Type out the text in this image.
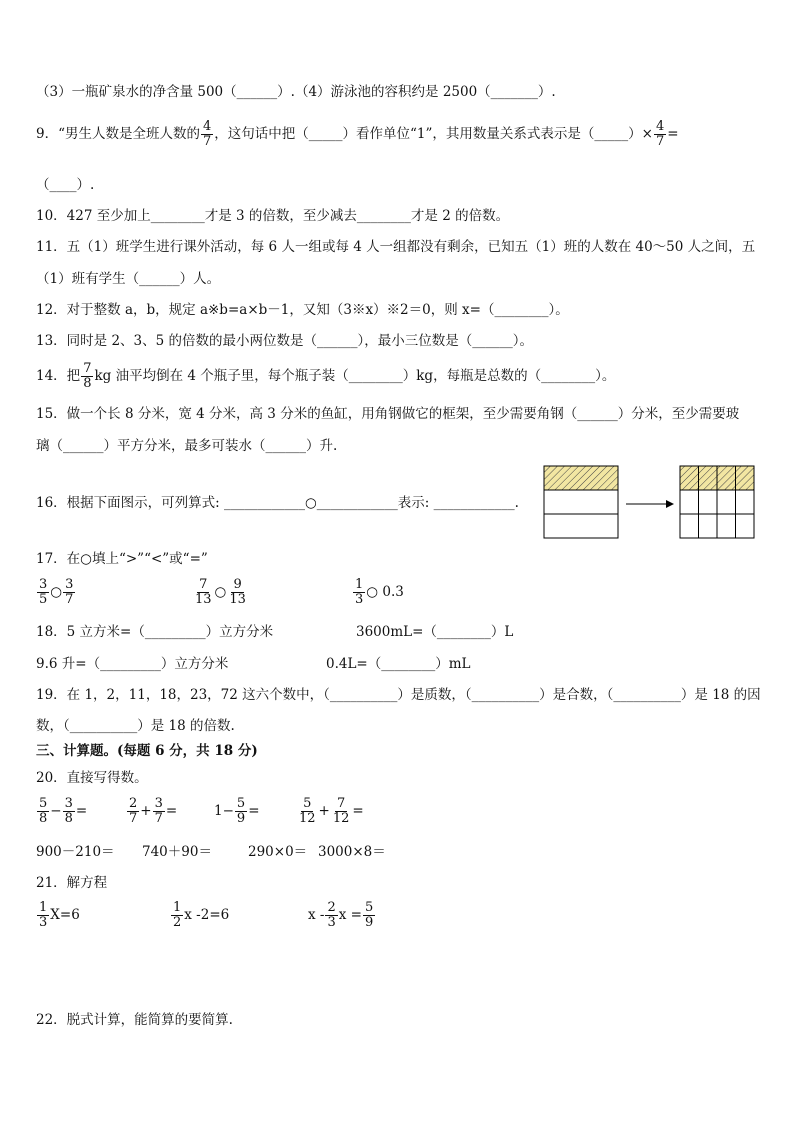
（3）一瓶矿泉水的净含量 500（______）.（4）游泳池的容积约是 2500（_______）.
9．“男生人数是全班人数的 $\frac{4}{7}$ ，这句话中把（_____）看作单位“1”，其用数量关系式表示是（_____）× $\frac{4}{7}$ =
（____）.
10．427 至少加上________才是 3 的倍数，至少减去________才是 2 的倍数。
11．五（1）班学生进行课外活动，每 6 人一组或每 4 人一组都没有剩余，已知五（1）班的人数在 40～50 人之间，五
（1）班有学生（______）人。
12．对于整数 a，b，规定 a※b=a×b－1，又知（3※x）※2＝0，则 x=（________）。
13．同时是 2、3、5 的倍数的最小两位数是（______），最小三位数是（______）。
14．把 $\frac{7}{8}$ kg 油平均倒在 4 个瓶子里，每个瓶子装（________）kg，每瓶是总数的（________）。
15．做一个长 8 分米，宽 4 分米，高 3 分米的鱼缸，用角钢做它的框架，至少需要角钢（______）分米，至少需要玻
璃（______）平方分米，最多可装水（______）升.
16．根据下面图示，可列算式: ____________○____________表示: ____________.
17．在○填上“>”“<”或“=”
$\frac{3}{5}$ ○ $\frac{3}{7}$	$\frac{7}{13}$ ○ $\frac{9}{13}$	$\frac{1}{3}$ ○ 0.3
18．5 立方米=（_________）立方分米	3600mL=（________）L
9.6 升=（_________）立方分米	0.4L=（________）mL
19．在 1，2，11，18，23，72 这六个数中，（__________）是质数，（__________）是合数，（__________）是 18 的因
数，（__________）是 18 的倍数.
三、计算题。(每题 6 分，共 18 分)
20．直接写得数。
$\frac{5}{8} - \frac{3}{8}$ =	$\frac{2}{7} + \frac{3}{7}$ =	$1- \frac{5}{9}$ =	$\frac{5}{12} + \frac{7}{12}$ =
900－210＝ 740＋90＝	290×0＝ 3000×8＝
21．解方程
$\frac{1}{3} X=6$	$\frac{1}{2}$ x -2=6	x - $\frac{2}{3}$ $x = \frac{5}{9}$
22．脱式计算，能简算的要简算.
